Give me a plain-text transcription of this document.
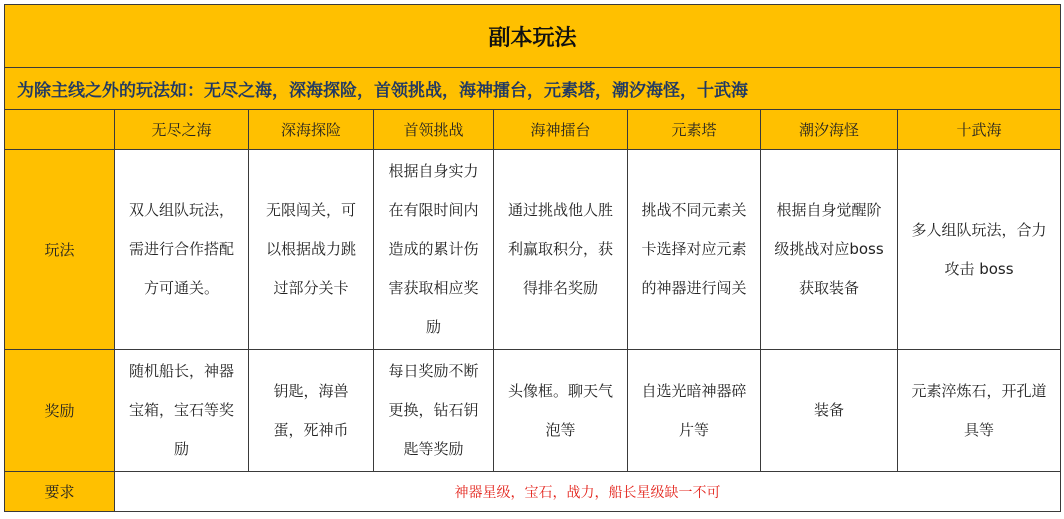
副本玩法							
为除主线之外的玩法如：无尽之海，深海探险，首领挑战，海神擂台，元素塔，潮汐海怪，十武海							
	无尽之海	深海探险	首领挑战	海神擂台	元素塔	潮汐海怪	十武海
玩法	双人组队玩法，需进行合作搭配方可通关。	无限闯关，可以根据战力跳过部分关卡	根据自身实力在有限时间内造成的累计伤害获取相应奖励	通过挑战他人胜利赢取积分，获得排名奖励	挑战不同元素关卡选择对应元素的神器进行闯关	根据自身觉醒阶级挑战对应boss 获取装备	多人组队玩法，合力攻击 boss
奖励	随机船长，神器宝箱，宝石等奖励	钥匙，海兽蛋，死神币	每日奖励不断更换，钻石钥匙等奖励	头像框。聊天气泡等	自选光暗神器碎片等	装备	元素淬炼石，开孔道具等
要求	神器星级，宝石，战力，船长星级缺一不可						
